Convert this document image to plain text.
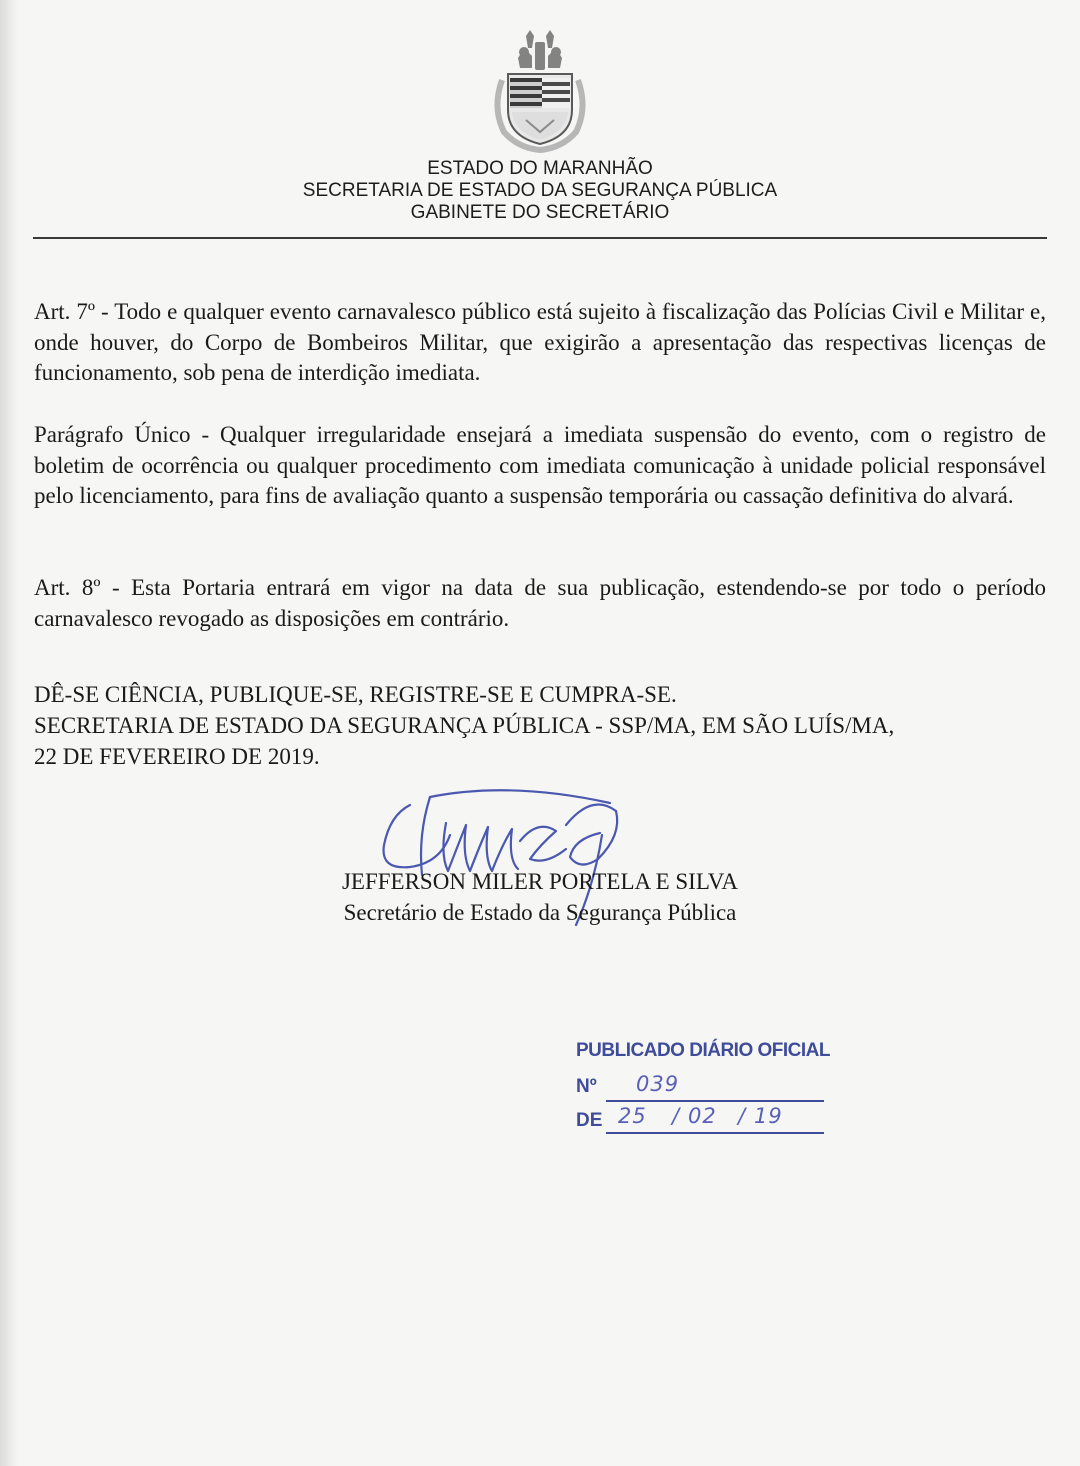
ESTADO DO MARANHÃO
SECRETARIA DE ESTADO DA SEGURANÇA PÚBLICA
GABINETE DO SECRETÁRIO

Art. 7º - Todo e qualquer evento carnavalesco público está sujeito à fiscalização das Polícias Civil e Militar e, onde houver, do Corpo de Bombeiros Militar, que exigirão a apresentação das respectivas licenças de funcionamento, sob pena de interdição imediata.

Parágrafo Único - Qualquer irregularidade ensejará a imediata suspensão do evento, com o registro de boletim de ocorrência ou qualquer procedimento com imediata comunicação à unidade policial responsável pelo licenciamento, para fins de avaliação quanto a suspensão temporária ou cassação definitiva do alvará.

Art. 8º - Esta Portaria entrará em vigor na data de sua publicação, estendendo-se por todo o período carnavalesco revogado as disposições em contrário.

DÊ-SE CIÊNCIA, PUBLIQUE-SE, REGISTRE-SE E CUMPRA-SE.
SECRETARIA DE ESTADO DA SEGURANÇA PÚBLICA - SSP/MA, EM SÃO LUÍS/MA,
22 DE FEVEREIRO DE 2019.
JEFFERSON MILER PORTELA E SILVA
Secretário de Estado da Segurança Pública
PUBLICADO DIÁRIO OFICIAL
Nº 039
DE 25 / 02 / 19
